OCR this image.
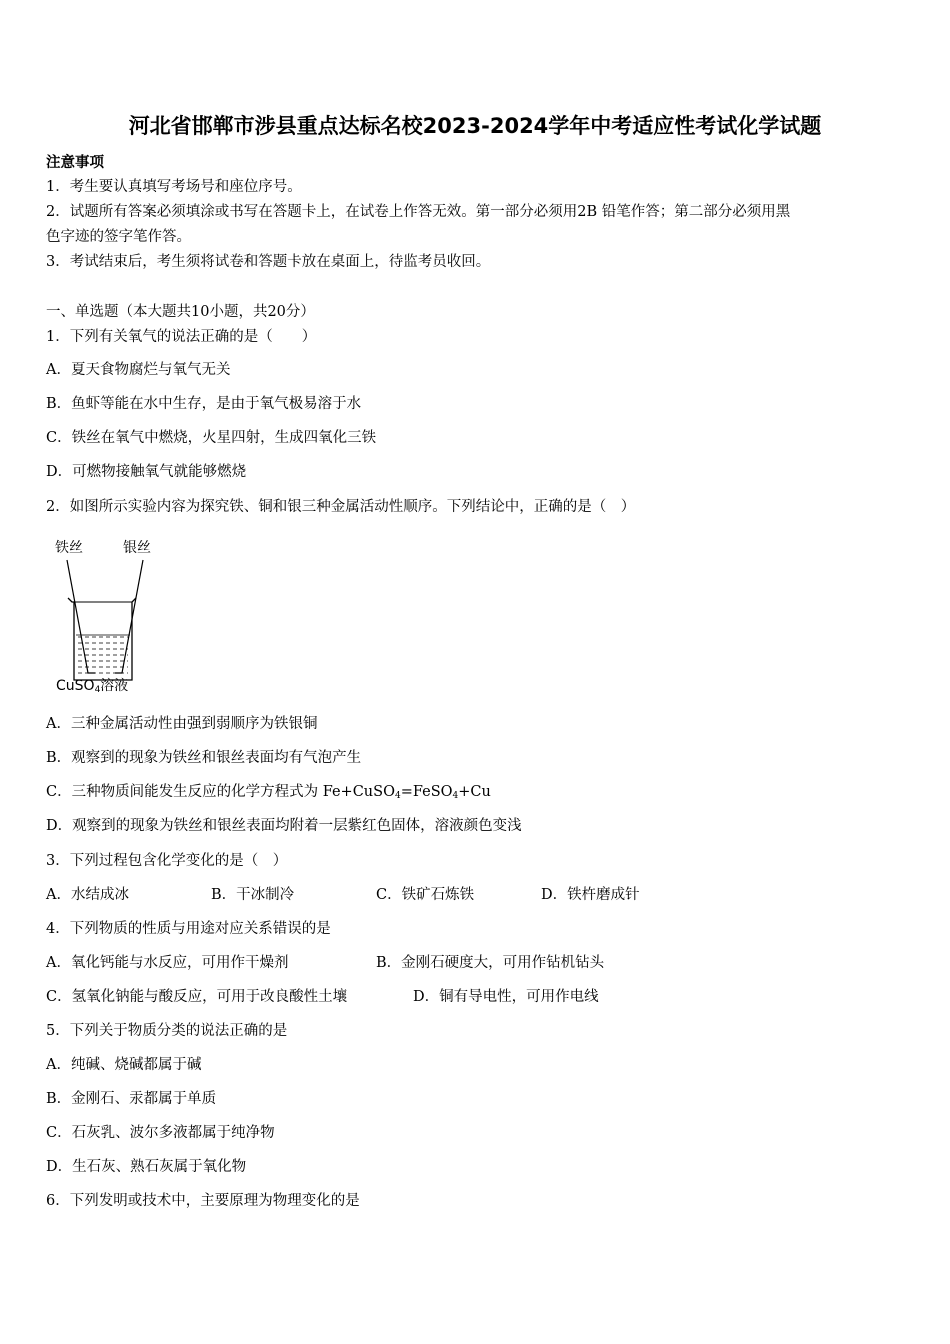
河北省邯郸市涉县重点达标名校2023-2024学年中考适应性考试化学试题
注意事项
1．考生要认真填写考场号和座位序号。
2．试题所有答案必须填涂或书写在答题卡上，在试卷上作答无效。第一部分必须用2B 铅笔作答；第二部分必须用黑
色字迹的签字笔作答。
3．考试结束后，考生须将试卷和答题卡放在桌面上，待监考员收回。
一、单选题（本大题共10小题，共20分）
1．下列有关氧气的说法正确的是（　　）
A．夏天食物腐烂与氧气无关
B．鱼虾等能在水中生存，是由于氧气极易溶于水
C．铁丝在氧气中燃烧，火星四射，生成四氧化三铁
D．可燃物接触氧气就能够燃烧
2．如图所示实验内容为探究铁、铜和银三种金属活动性顺序。下列结论中，正确的是（　）
铁丝	银丝
CuSO$_4$溶液
A．三种金属活动性由强到弱顺序为铁银铜
B．观察到的现象为铁丝和银丝表面均有气泡产生
C．三种物质间能发生反应的化学方程式为 Fe+CuSO$_4$=FeSO$_4$+Cu
D．观察到的现象为铁丝和银丝表面均附着一层紫红色固体，溶液颜色变浅
3．下列过程包含化学变化的是（　）
A．水结成冰	B．干冰制冷	C．铁矿石炼铁	D．铁杵磨成针
4．下列物质的性质与用途对应关系错误的是
A．氧化钙能与水反应，可用作干燥剂	B．金刚石硬度大，可用作钻机钻头
C．氢氧化钠能与酸反应，可用于改良酸性土壤	D．铜有导电性，可用作电线
5．下列关于物质分类的说法正确的是
A．纯碱、烧碱都属于碱
B．金刚石、汞都属于单质
C．石灰乳、波尔多液都属于纯净物
D．生石灰、熟石灰属于氧化物
6．下列发明或技术中，主要原理为物理变化的是
